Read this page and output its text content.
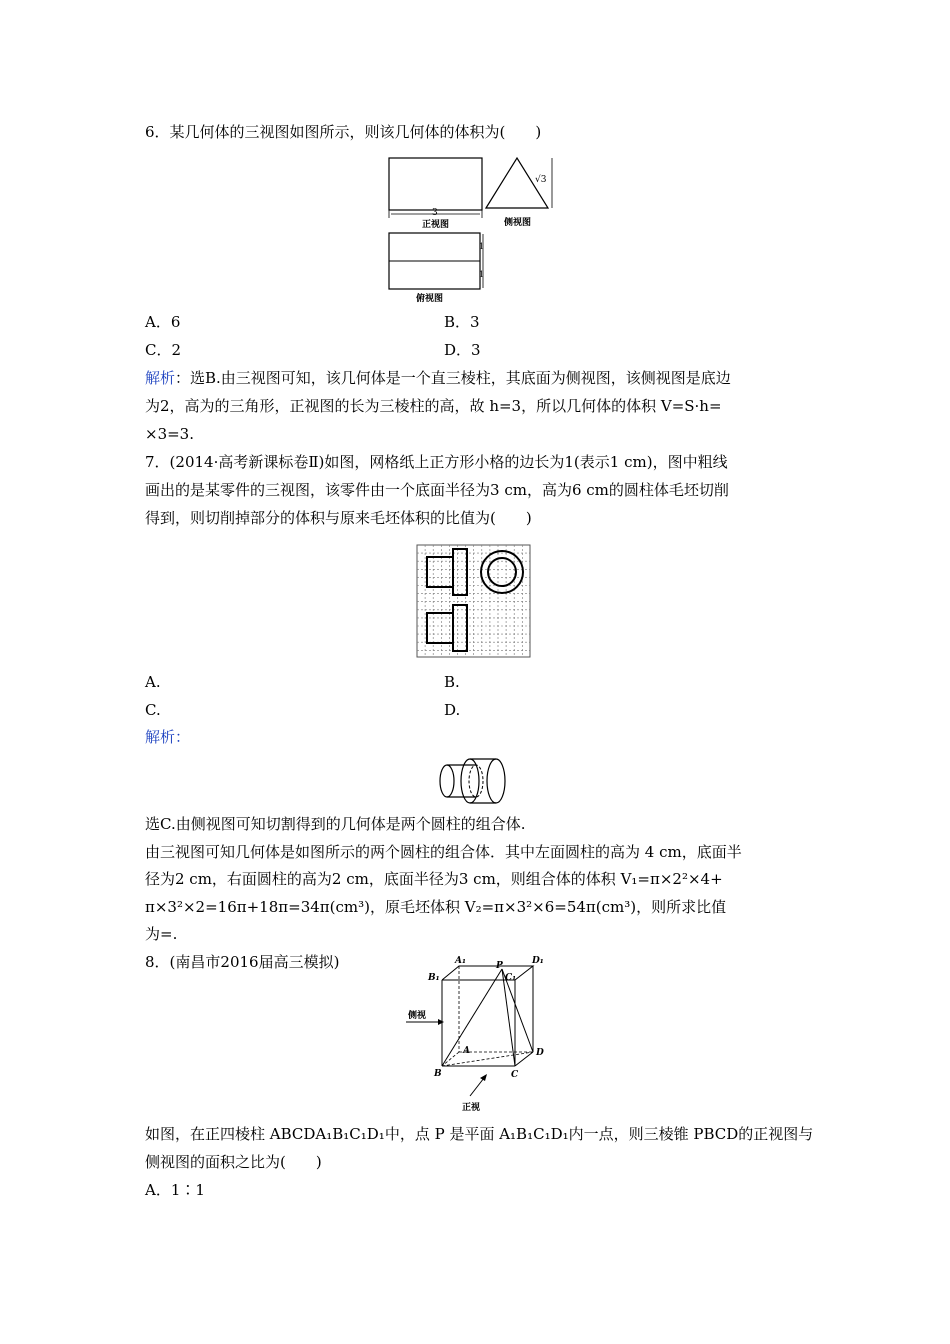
6．某几何体的三视图如图所示，则该几何体的体积为(　　)
3
正视图
√3
侧视图
1
1
俯视图
A．6	B．3
C．2	D．3
解析：选B.由三视图可知，该几何体是一个直三棱柱，其底面为侧视图，该侧视图是底边
为2，高为的三角形，正视图的长为三棱柱的高，故 h=3，所以几何体的体积 V=S·h=
×3=3.
7．(2014·高考新课标卷Ⅱ)如图，网格纸上正方形小格的边长为1(表示1 cm)，图中粗线
画出的是某零件的三视图，该零件由一个底面半径为3 cm，高为6 cm的圆柱体毛坯切削
得到，则切削掉部分的体积与原来毛坯体积的比值为(　　)
A.	B.
C.	D.
解析：
选C.由侧视图可知切割得到的几何体是两个圆柱的组合体.
由三视图可知几何体是如图所示的两个圆柱的组合体．其中左面圆柱的高为 4 cm，底面半
径为2 cm，右面圆柱的高为2 cm，底面半径为3 cm，则组合体的体积 V₁=π×2²×4+
π×3²×2=16π+18π=34π(cm³)，原毛坯体积 V₂=π×3²×6=54π(cm³)，则所求比值
为=.
8．(南昌市2016届高三模拟)	A₁	D₁
B₁	C₁
P
A
B	C
D
侧视
正视
如图，在正四棱柱 ABCDA₁B₁C₁D₁中，点 P 是平面 A₁B₁C₁D₁内一点，则三棱锥 PBCD的正视图与
侧视图的面积之比为(　　)
A．1∶1
